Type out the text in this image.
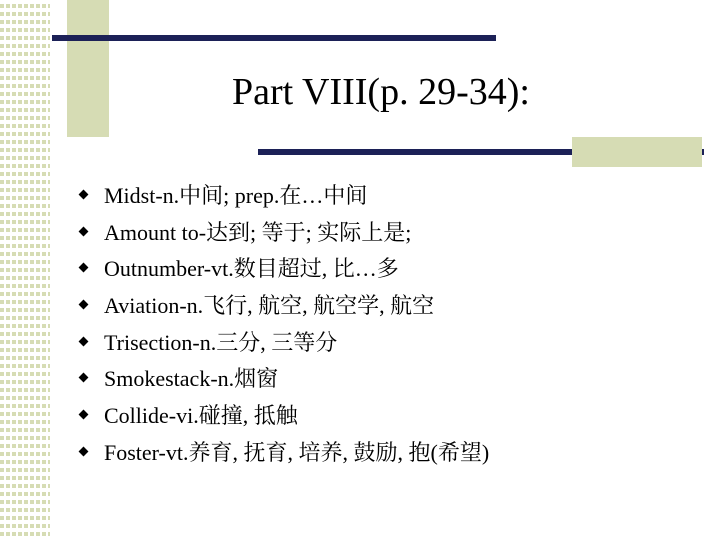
Part VIII(p. 29-34):
Midst-n.中间; prep.在…中间
Amount to-达到; 等于; 实际上是;
Outnumber-vt.数目超过, 比…多
Aviation-n.飞行, 航空, 航空学, 航空
Trisection-n.三分, 三等分
Smokestack-n.烟窗
Collide-vi.碰撞, 抵触
Foster-vt.养育, 抚育, 培养, 鼓励, 抱(希望)
